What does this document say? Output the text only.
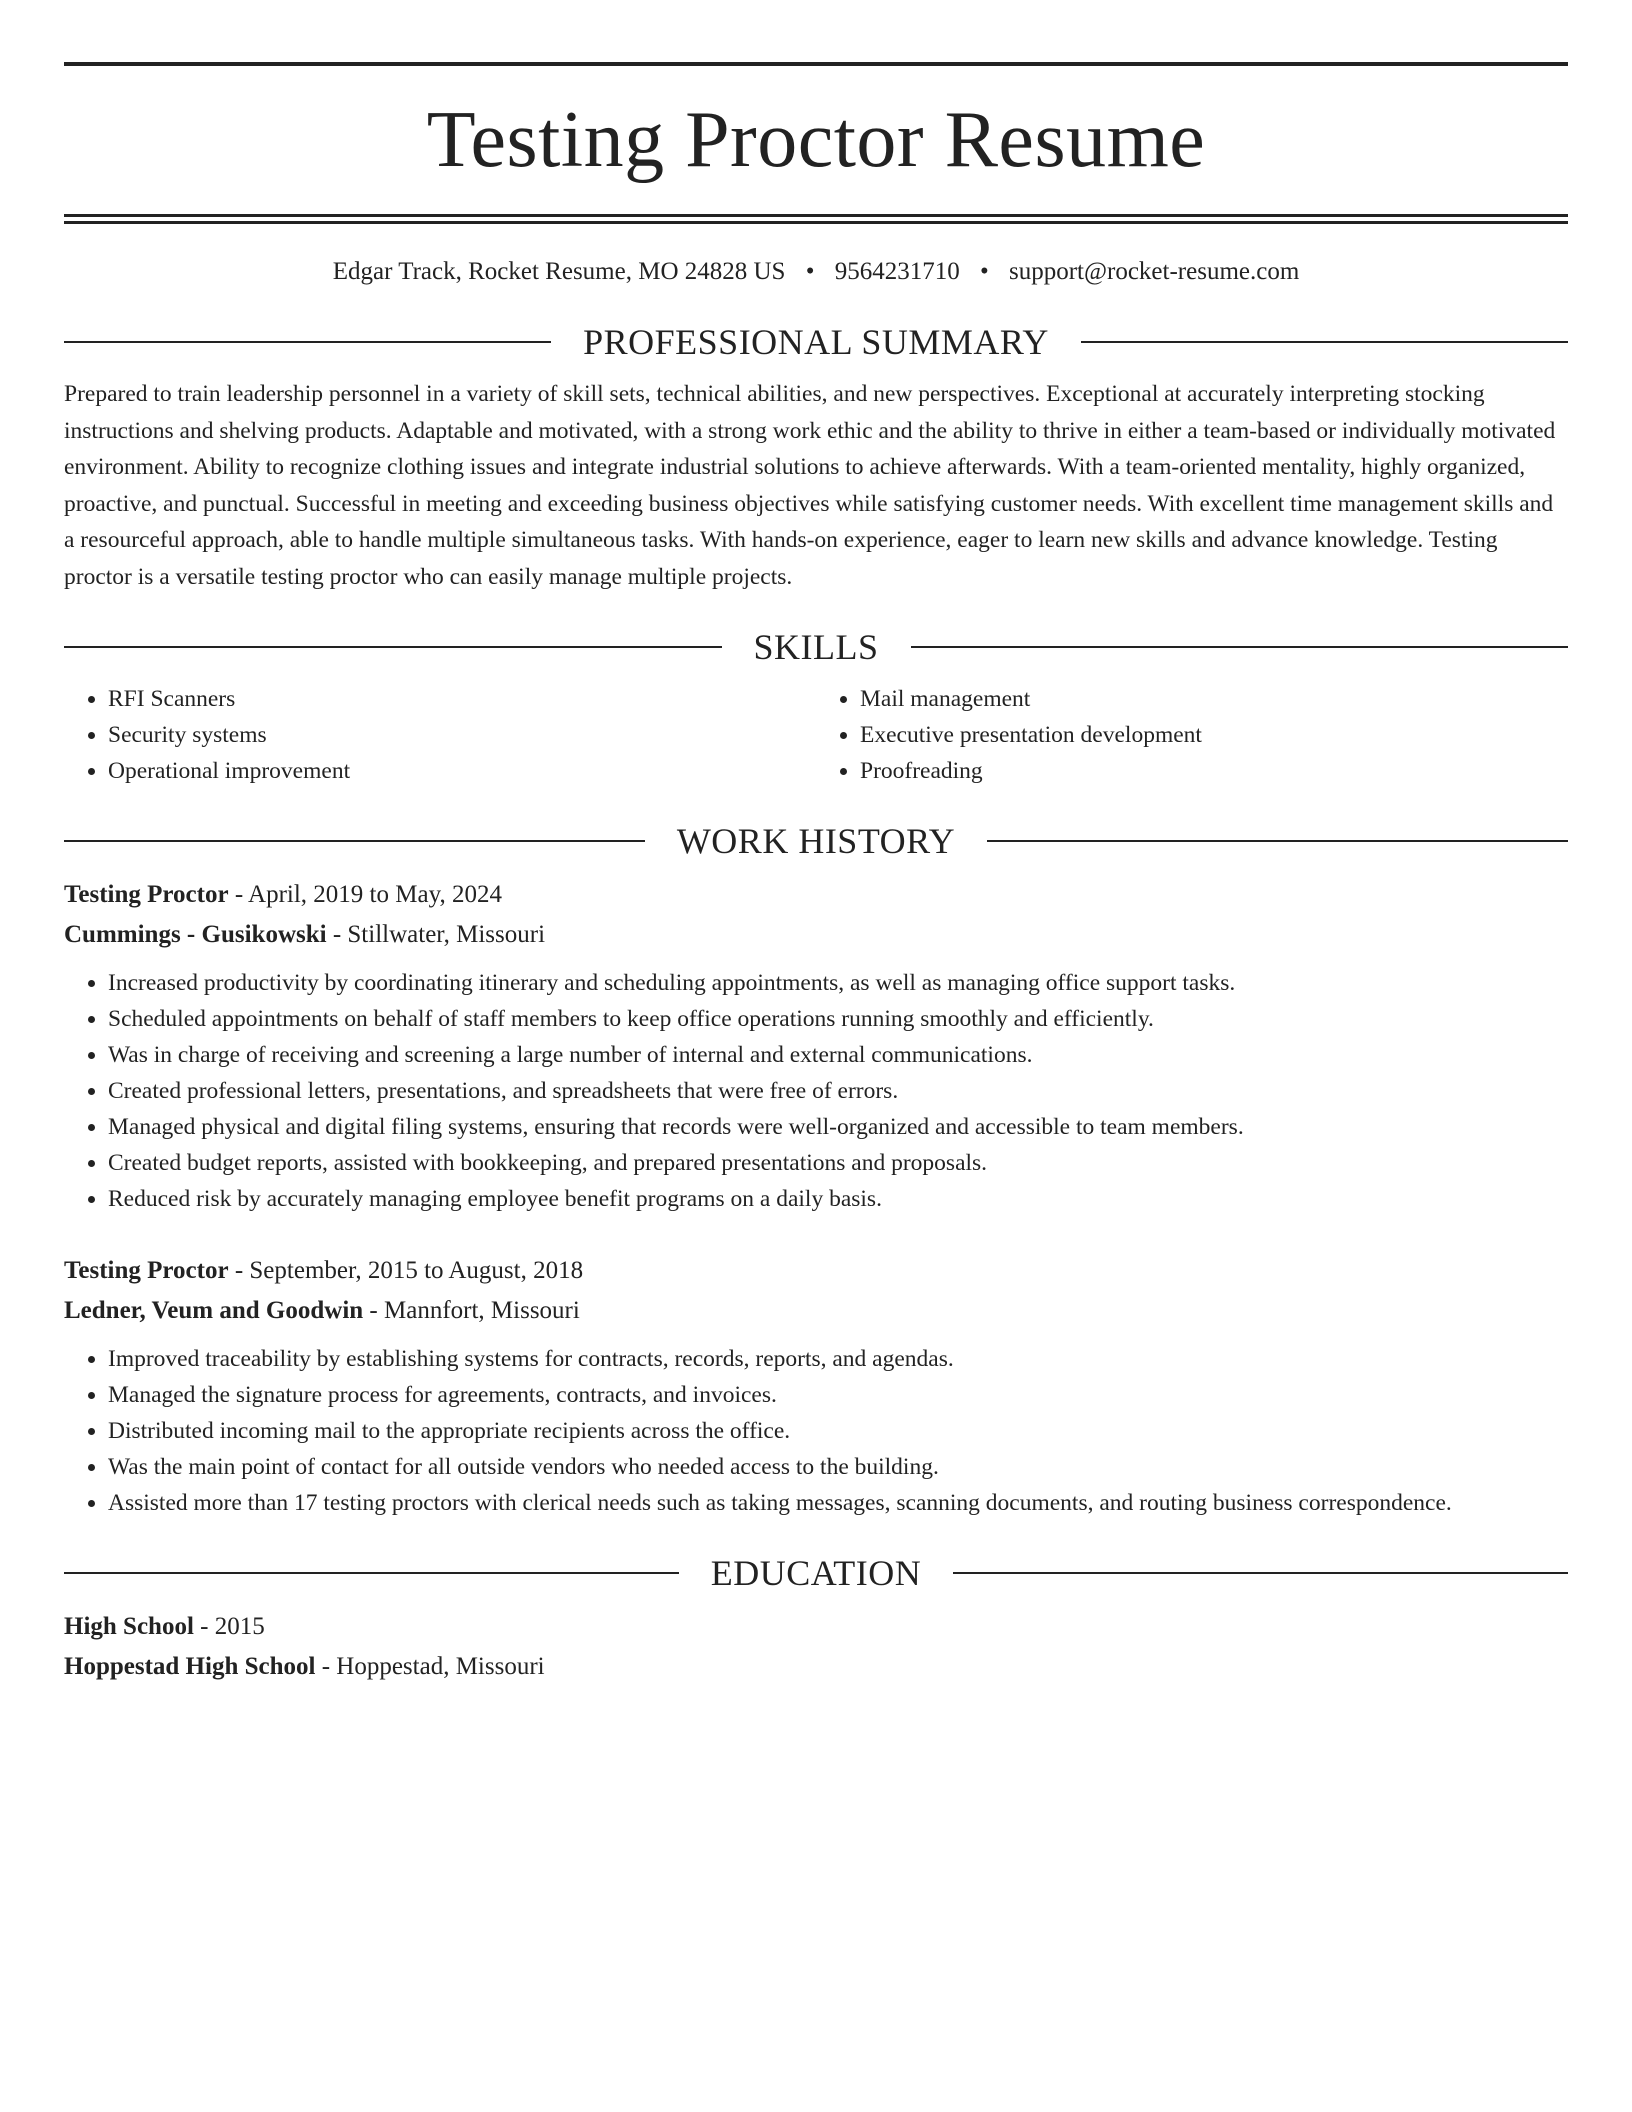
Testing Proctor Resume
Edgar Track, Rocket Resume, MO 24828 US • 9564231710 • support@rocket-resume.com
PROFESSIONAL SUMMARY

Prepared to train leadership personnel in a variety of skill sets, technical abilities, and new perspectives. Exceptional at accurately interpreting stocking instructions and shelving products. Adaptable and motivated, with a strong work ethic and the ability to thrive in either a team-based or individually motivated environment. Ability to recognize clothing issues and integrate industrial solutions to achieve afterwards. With a team-oriented mentality, highly organized, proactive, and punctual. Successful in meeting and exceeding business objectives while satisfying customer needs. With excellent time management skills and a resourceful approach, able to handle multiple simultaneous tasks. With hands-on experience, eager to learn new skills and advance knowledge. Testing proctor is a versatile testing proctor who can easily manage multiple projects.

SKILLS
• RFI Scanners
• Security systems
• Operational improvement
• Mail management
• Executive presentation development
• Proofreading
WORK HISTORY
Testing Proctor - April, 2019 to May, 2024
Cummings - Gusikowski - Stillwater, Missouri
• Increased productivity by coordinating itinerary and scheduling appointments, as well as managing office support tasks.
• Scheduled appointments on behalf of staff members to keep office operations running smoothly and efficiently.
• Was in charge of receiving and screening a large number of internal and external communications.
• Created professional letters, presentations, and spreadsheets that were free of errors.
• Managed physical and digital filing systems, ensuring that records were well-organized and accessible to team members.
• Created budget reports, assisted with bookkeeping, and prepared presentations and proposals.
• Reduced risk by accurately managing employee benefit programs on a daily basis.
Testing Proctor - September, 2015 to August, 2018
Ledner, Veum and Goodwin - Mannfort, Missouri
• Improved traceability by establishing systems for contracts, records, reports, and agendas.
• Managed the signature process for agreements, contracts, and invoices.
• Distributed incoming mail to the appropriate recipients across the office.
• Was the main point of contact for all outside vendors who needed access to the building.
• Assisted more than 17 testing proctors with clerical needs such as taking messages, scanning documents, and routing business correspondence.
EDUCATION
High School - 2015
Hoppestad High School - Hoppestad, Missouri
